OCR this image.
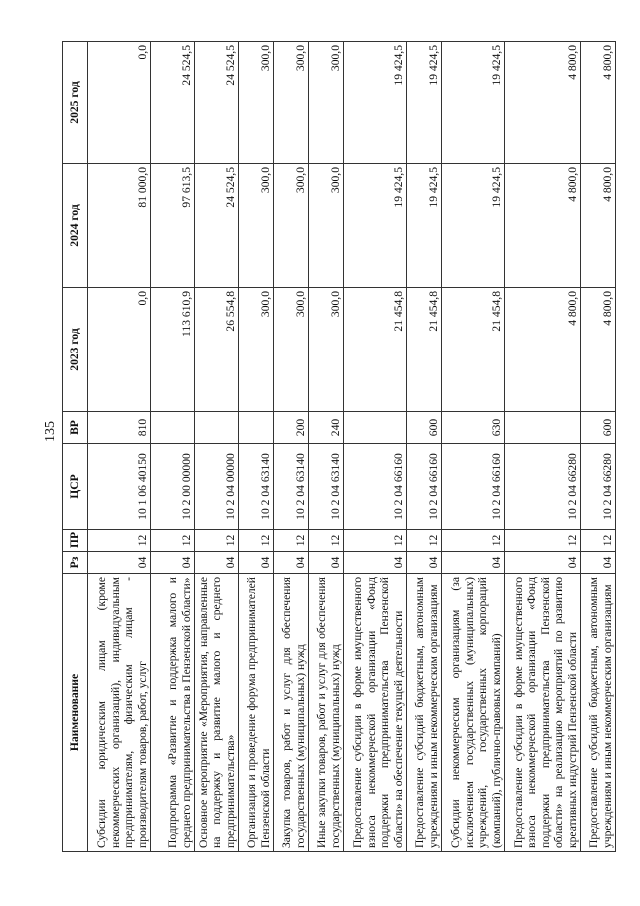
135
Наименование	Рз	ПР	ЦСР	ВР	2023 год	2024 год	2025 год
Субсидии юридическим лицам (кроме некоммерческих организаций), индивидуальным предпринимателям, физическим лицам - производителям товаров, работ, услуг	04	12	10 1 06 40150	810	0,0	81 000,0	0,0
Подпрограмма «Развитие и поддержка малого и среднего предпринимательства в Пензенской области»	04	12	10 2 00 00000		113 610,9	97 613,5	24 524,5
Основное мероприятие «Мероприятия, направленные на поддержку и развитие малого и среднего предпринимательства»	04	12	10 2 04 00000		26 554,8	24 524,5	24 524,5
Организация и проведение форума предпринимателей Пензенской области	04	12	10 2 04 63140		300,0	300,0	300,0
Закупка товаров, работ и услуг для обеспечения государственных (муниципальных) нужд	04	12	10 2 04 63140	200	300,0	300,0	300,0
Иные закупки товаров, работ и услуг для обеспечения государственных (муниципальных) нужд	04	12	10 2 04 63140	240	300,0	300,0	300,0
Предоставление субсидии в форме имущественного взноса некоммерческой организации «Фонд поддержки предпринимательства Пензенской области» на обеспечение текущей деятельности	04	12	10 2 04 66160		21 454,8	19 424,5	19 424,5
Предоставление субсидий бюджетным, автономным учреждениям и иным некоммерческим организациям	04	12	10 2 04 66160	600	21 454,8	19 424,5	19 424,5
Субсидии некоммерческим организациям (за исключением государственных (муниципальных) учреждений, государственных корпораций (компаний), публично-правовых компаний)	04	12	10 2 04 66160	630	21 454,8	19 424,5	19 424,5
Предоставление субсидии в форме имущественного взноса некоммерческой организации «Фонд поддержки предпринимательства Пензенской области» на реализацию мероприятий по развитию креативных индустрий Пензенской области	04	12	10 2 04 66280		4 800,0	4 800,0	4 800,0
Предоставление субсидий бюджетным, автономным учреждениям и иным некоммерческим организациям	04	12	10 2 04 66280	600	4 800,0	4 800,0	4 800,0
